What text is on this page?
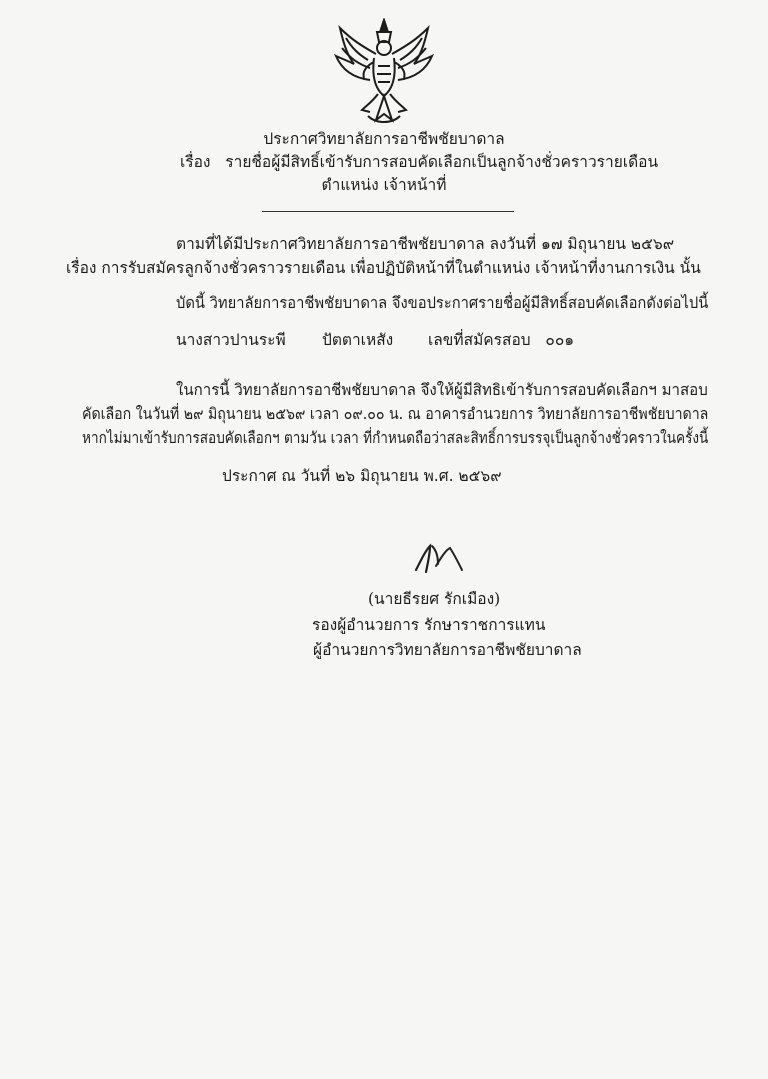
ประกาศวิทยาลัยการอาชีพชัยบาดาล
เรื่อง รายชื่อผู้มีสิทธิ์เข้ารับการสอบคัดเลือกเป็นลูกจ้างชั่วคราวรายเดือน
ตำแหน่ง เจ้าหน้าที่
ตามที่ได้มีประกาศวิทยาลัยการอาชีพชัยบาดาล ลงวันที่ ๑๗ มิถุนายน ๒๕๖๙
เรื่อง การรับสมัครลูกจ้างชั่วคราวรายเดือน เพื่อปฏิบัติหน้าที่ในตำแหน่ง เจ้าหน้าที่งานการเงิน นั้น
บัดนี้ วิทยาลัยการอาชีพชัยบาดาล จึงขอประกาศรายชื่อผู้มีสิทธิ์สอบคัดเลือกดังต่อไปนี้
นางสาวปานระพี ปัตตาเหสัง เลขที่สมัครสอบ ๐๐๑
ในการนี้ วิทยาลัยการอาชีพชัยบาดาล จึงให้ผู้มีสิทธิเข้ารับการสอบคัดเลือกฯ มาสอบ
คัดเลือก ในวันที่ ๒๙ มิถุนายน ๒๕๖๙ เวลา ๐๙.๐๐ น. ณ อาคารอำนวยการ วิทยาลัยการอาชีพชัยบาดาล
หากไม่มาเข้ารับการสอบคัดเลือกฯ ตามวัน เวลา ที่กำหนดถือว่าสละสิทธิ์การบรรจุเป็นลูกจ้างชั่วคราวในครั้งนี้
ประกาศ ณ วันที่ ๒๖ มิถุนายน พ.ศ. ๒๕๖๙
(นายธีรยศ รักเมือง)
รองผู้อำนวยการ รักษาราชการแทน
ผู้อำนวยการวิทยาลัยการอาชีพชัยบาดาล
